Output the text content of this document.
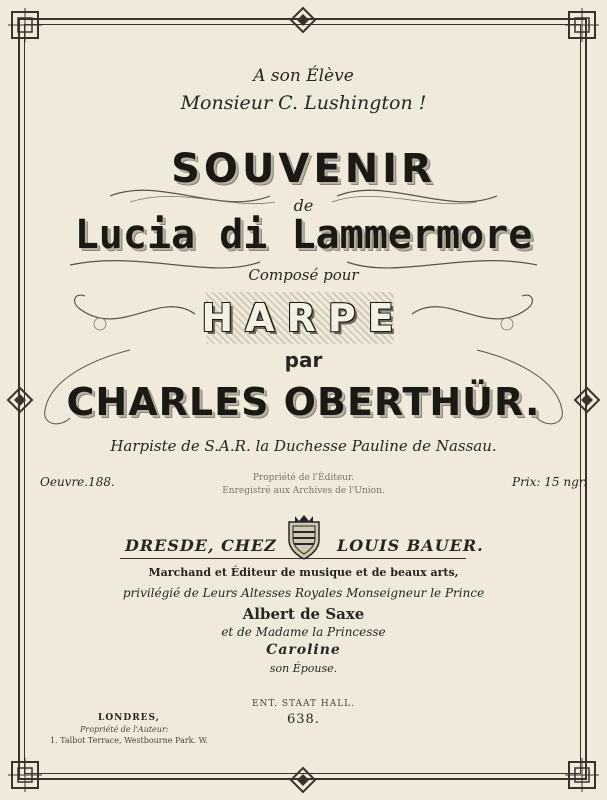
A son Élève
Monsieur C. Lushington !
SOUVENIR
de
Lucia di Lammermore
Composé pour
HARPE
par
CHARLES OBERTHÜR.
Harpiste de S.A.R. la Duchesse Pauline de Nassau.
Oeuvre.188.	Prix: 15 ngr.
Propriété de l'Éditeur.
Enregistré aux Archives de l'Union.
DRESDE, CHEZ	LOUIS BAUER.
Marchand et Éditeur de musique et de beaux arts,
privilégié de Leurs Altesses Royales Monseigneur le Prince
Albert de Saxe
et de Madame la Princesse
Caroline
son Épouse.
ENT. STAAT HALL.
638.
LONDRES,
Propriété de l'Auteur:
1. Talbot Terrace, Westbourne Park. W.
